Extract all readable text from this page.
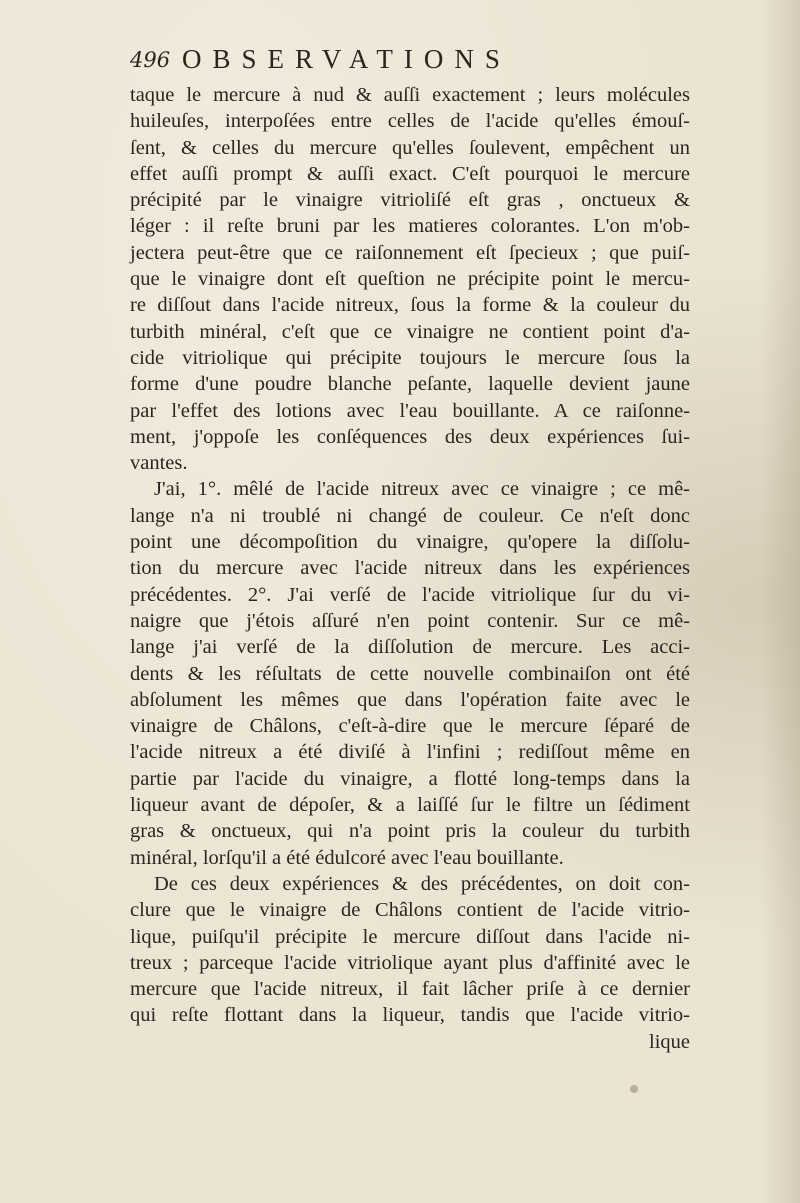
496 OBSERVATIONS
taque le mercure à nud & auſſi exactement ; leurs molécules
huileuſes, interpoſées entre celles de l'acide qu'elles émouſ-
ſent, & celles du mercure qu'elles ſoulevent, empêchent un
effet auſſi prompt & auſſi exact. C'eſt pourquoi le mercure
précipité par le vinaigre vitrioliſé eſt gras , onctueux &
léger : il reſte bruni par les matieres colorantes. L'on m'ob-
jectera peut-être que ce raiſonnement eſt ſpecieux ; que puiſ-
que le vinaigre dont eſt queſtion ne précipite point le mercu-
re diſſout dans l'acide nitreux, ſous la forme & la couleur du
turbith minéral, c'eſt que ce vinaigre ne contient point d'a-
cide vitriolique qui précipite toujours le mercure ſous la
forme d'une poudre blanche peſante, laquelle devient jaune
par l'effet des lotions avec l'eau bouillante. A ce raiſonne-
ment, j'oppoſe les conſéquences des deux expériences ſui-
vantes.
J'ai, 1°. mêlé de l'acide nitreux avec ce vinaigre ; ce mê-
lange n'a ni troublé ni changé de couleur. Ce n'eſt donc
point une décompoſition du vinaigre, qu'opere la diſſolu-
tion du mercure avec l'acide nitreux dans les expériences
précédentes. 2°. J'ai verſé de l'acide vitriolique ſur du vi-
naigre que j'étois aſſuré n'en point contenir. Sur ce mê-
lange j'ai verſé de la diſſolution de mercure. Les acci-
dents & les réſultats de cette nouvelle combinaiſon ont été
abſolument les mêmes que dans l'opération faite avec le
vinaigre de Châlons, c'eſt-à-dire que le mercure ſéparé de
l'acide nitreux a été diviſé à l'infini ; rediſſout même en
partie par l'acide du vinaigre, a flotté long-temps dans la
liqueur avant de dépoſer, & a laiſſé ſur le filtre un ſédiment
gras & onctueux, qui n'a point pris la couleur du turbith
minéral, lorſqu'il a été édulcoré avec l'eau bouillante.
De ces deux expériences & des précédentes, on doit con-
clure que le vinaigre de Châlons contient de l'acide vitrio-
lique, puiſqu'il précipite le mercure diſſout dans l'acide ni-
treux ; parceque l'acide vitriolique ayant plus d'affinité avec le
mercure que l'acide nitreux, il fait lâcher priſe à ce dernier
qui reſte flottant dans la liqueur, tandis que l'acide vitrio-
lique
